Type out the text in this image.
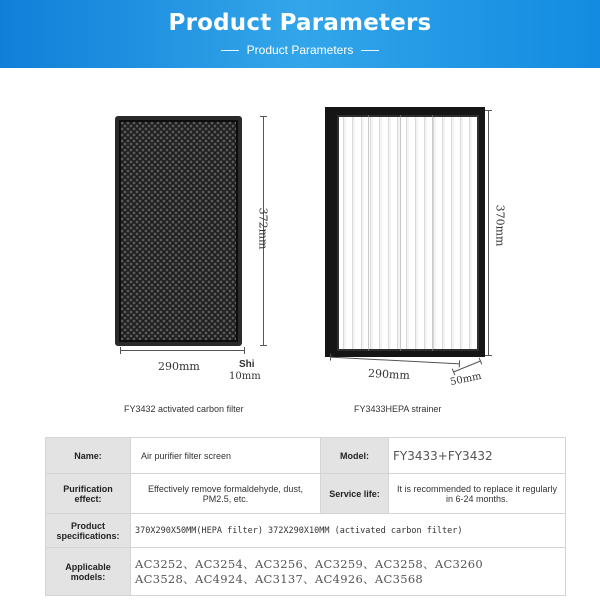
Product Parameters
Product Parameters
372mm
290mm	Shi
10mm
FY3432 activated carbon filter
370mm
290mm	50mm
FY3433HEPA strainer
Name:	Air purifier filter screen	Model:	FY3433+FY3432
Purification effect:	Effectively remove formaldehyde, dust, PM2.5, etc.	Service life:	It is recommended to replace it regularly in 6-24 months.
Product specifications:	370X290X50MM(HEPA filter) 372X290X10MM (activated carbon filter)		
Applicable models:	AC3252、AC3254、AC3256、AC3259、AC3258、AC3260
AC3528、AC4924、AC3137、AC4926、AC3568		
